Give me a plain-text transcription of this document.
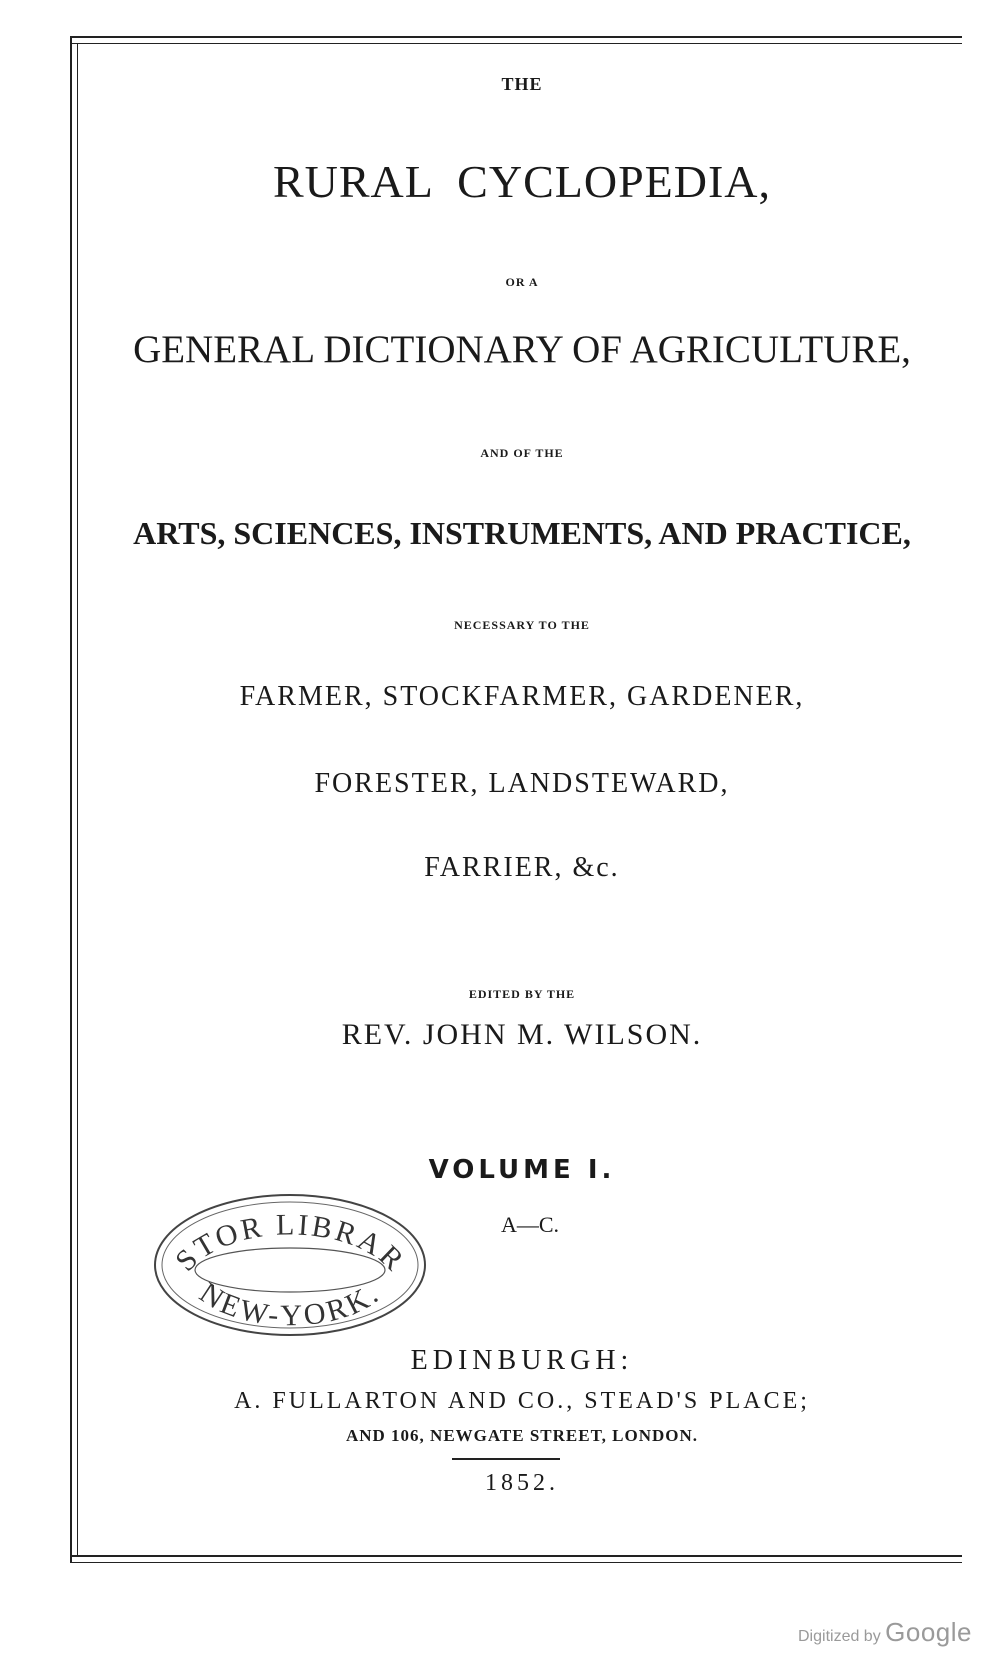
THE

RURAL  CYCLOPEDIA,

OR A

GENERAL DICTIONARY OF AGRICULTURE,

AND OF THE

ARTS, SCIENCES, INSTRUMENTS, AND PRACTICE,

NECESSARY TO THE

FARMER, STOCKFARMER, GARDENER,

FORESTER, LANDSTEWARD,

FARRIER, &c.

EDITED BY THE

REV. JOHN M. WILSON.

VOLUME I.

A—C.

STOR LIBRAR
NEW-YORK.

EDINBURGH:

A. FULLARTON AND CO., STEAD'S PLACE;

AND 106, NEWGATE STREET, LONDON.

1852.

Digitized by Google
